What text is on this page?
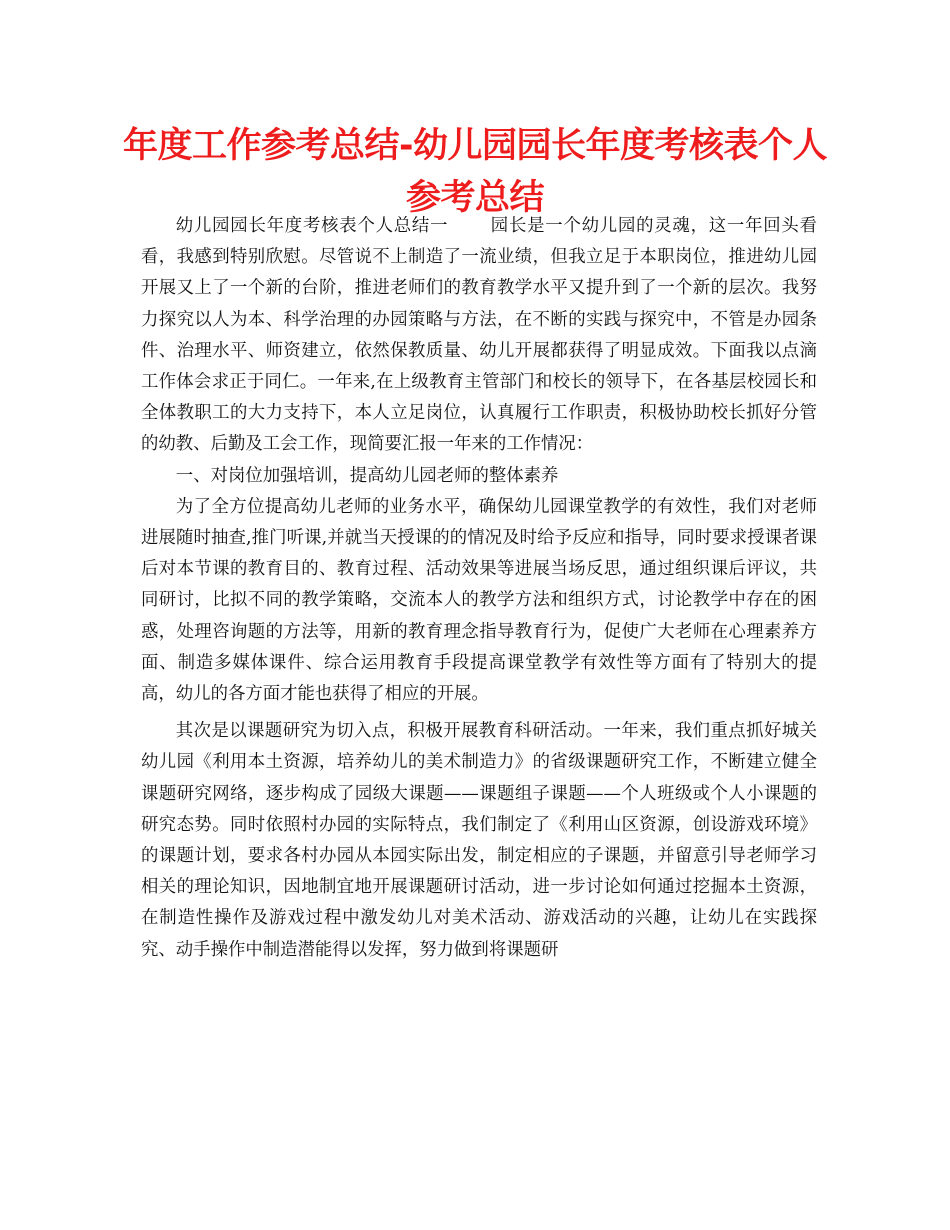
年度工作参考总结-幼儿园园长年度考核表个人参考总结

幼儿园园长年度考核表个人总结一 园长是一个幼儿园的灵魂，这一年回头看看，我感到特别欣慰。尽管说不上制造了一流业绩，但我立足于本职岗位，推进幼儿园开展又上了一个新的台阶，推进老师们的教育教学水平又提升到了一个新的层次。我努力探究以人为本、科学治理的办园策略与方法，在不断的实践与探究中，不管是办园条件、治理水平、师资建立，依然保教质量、幼儿开展都获得了明显成效。下面我以点滴工作体会求正于同仁。一年来,在上级教育主管部门和校长的领导下，在各基层校园长和全体教职工的大力支持下，本人立足岗位，认真履行工作职责，积极协助校长抓好分管的幼教、后勤及工会工作，现简要汇报一年来的工作情况：

一、对岗位加强培训，提高幼儿园老师的整体素养

为了全方位提高幼儿老师的业务水平，确保幼儿园课堂教学的有效性，我们对老师进展随时抽查,推门听课,并就当天授课的的情况及时给予反应和指导，同时要求授课者课后对本节课的教育目的、教育过程、活动效果等进展当场反思，通过组织课后评议，共同研讨，比拟不同的教学策略，交流本人的教学方法和组织方式，讨论教学中存在的困惑，处理咨询题的方法等，用新的教育理念指导教育行为，促使广大老师在心理素养方面、制造多媒体课件、综合运用教育手段提高课堂教学有效性等方面有了特别大的提高，幼儿的各方面才能也获得了相应的开展。

其次是以课题研究为切入点，积极开展教育科研活动。一年来，我们重点抓好城关幼儿园《利用本土资源，培养幼儿的美术制造力》的省级课题研究工作，不断建立健全课题研究网络，逐步构成了园级大课题——课题组子课题——个人班级或个人小课题的研究态势。同时依照村办园的实际特点，我们制定了《利用山区资源，创设游戏环境》的课题计划，要求各村办园从本园实际出发，制定相应的子课题，并留意引导老师学习相关的理论知识，因地制宜地开展课题研讨活动，进一步讨论如何通过挖掘本土资源，在制造性操作及游戏过程中激发幼儿对美术活动、游戏活动的兴趣，让幼儿在实践探究、动手操作中制造潜能得以发挥，努力做到将课题研
